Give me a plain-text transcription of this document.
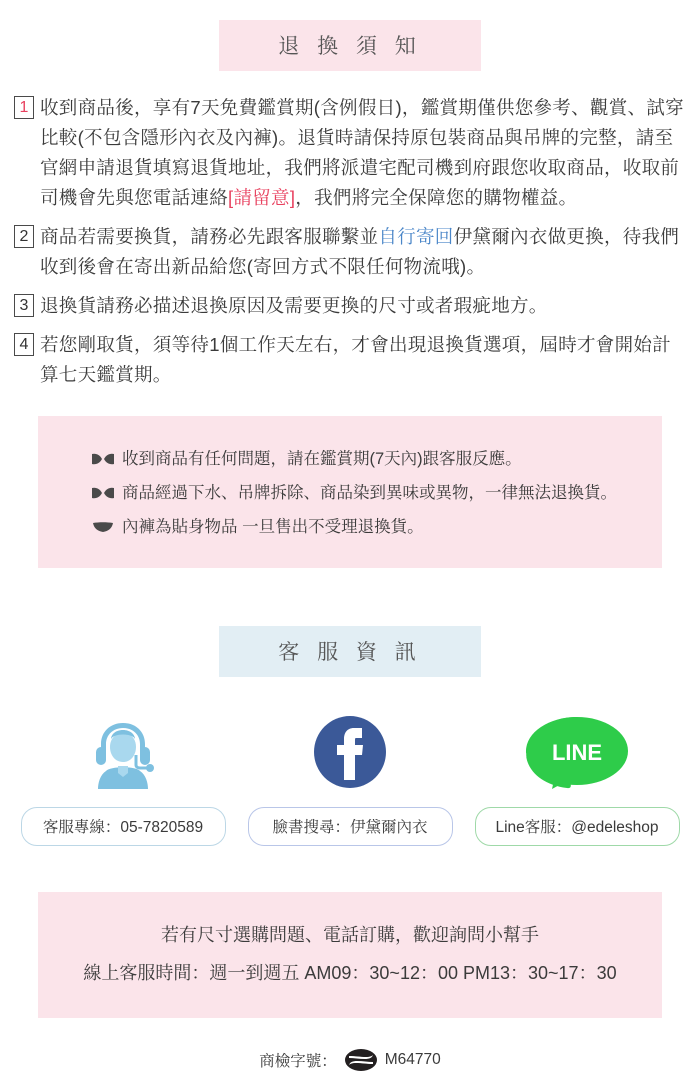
退 換 須 知
1 收到商品後，享有7天免費鑑賞期(含例假日)，鑑賞期僅供您參考、觀賞、試穿比較(不包含隱形內衣及內褲)。退貨時請保持原包裝商品與吊牌的完整，請至官網申請退貨填寫退貨地址，我們將派遣宅配司機到府跟您收取商品，收取前司機會先與您電話連絡[請留意]，我們將完全保障您的購物權益。
2 商品若需要換貨，請務必先跟客服聯繫並自行寄回伊黛爾內衣做更換，待我們收到後會在寄出新品給您(寄回方式不限任何物流哦)。
3 退換貨請務必描述退換原因及需要更換的尺寸或者瑕疵地方。
4 若您剛取貨，須等待1個工作天左右，才會出現退換貨選項，屆時才會開始計算七天鑑賞期。
收到商品有任何問題，請在鑑賞期(7天內)跟客服反應。
商品經過下水、吊牌拆除、商品染到異味或異物，一律無法退換貨。
內褲為貼身物品 一旦售出不受理退換貨。
客 服 資 訊
客服專線：05-7820589	臉書搜尋：伊黛爾內衣
LINE
Line客服：@edeleshop
若有尺寸選購問題、電話訂購，歡迎詢問小幫手
線上客服時間：週一到週五 AM09：30~12：00 PM13：30~17：30
商檢字號：	M64770
